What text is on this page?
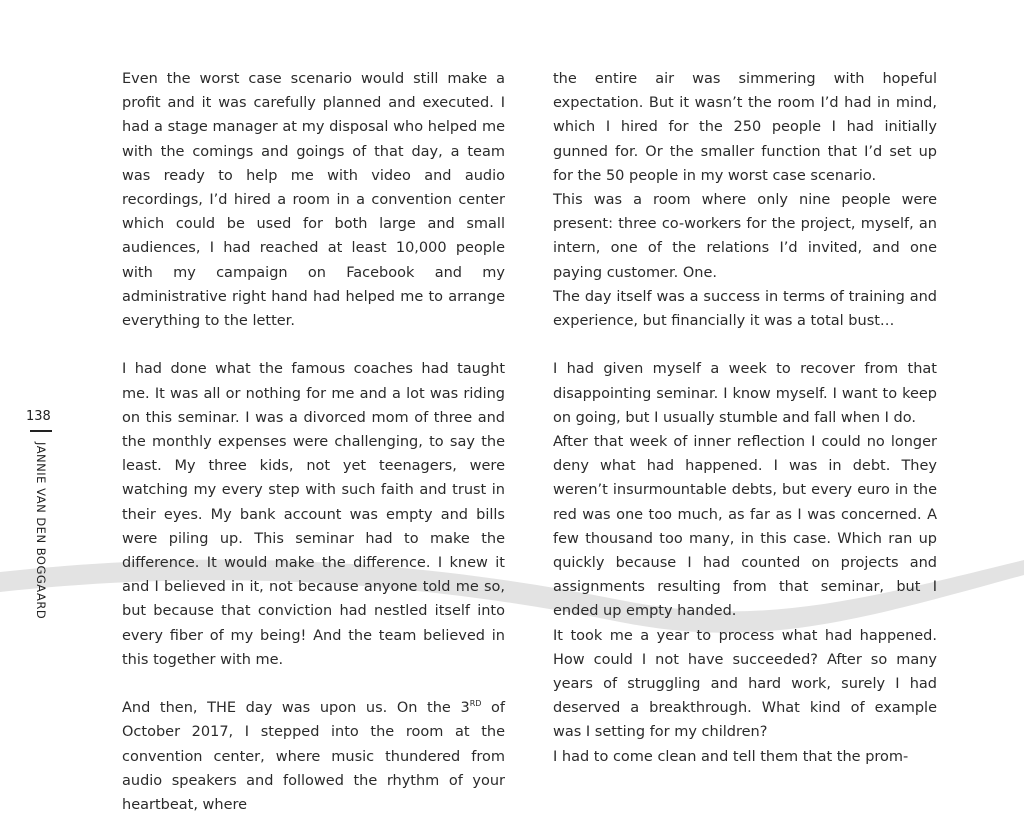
138
JANNIE VAN DEN BOGGAARD

Even the worst case scenario would still make a profit and it was carefully planned and executed. I had a stage manager at my disposal who helped me with the comings and goings of that day, a team was ready to help me with video and audio recordings, I’d hired a room in a convention center which could be used for both large and small audiences, I had reached at least 10,000 people with my campaign on Facebook and my administrative right hand had helped me to arrange everything to the letter.

I had done what the famous coaches had taught me. It was all or nothing for me and a lot was riding on this seminar. I was a divorced mom of three and the monthly expenses were challenging, to say the least. My three kids, not yet teenagers, were watching my every step with such faith and trust in their eyes. My bank account was empty and bills were piling up. This seminar had to make the difference. It would make the difference. I knew it and I believed in it, not because anyone told me so, but because that conviction had nestled itself into every fiber of my being! And the team believed in this together with me.

And then, THE day was upon us. On the 3RD of October 2017, I stepped into the room at the convention center, where music thundered from audio speakers and followed the rhythm of your heartbeat, where

the entire air was simmering with hopeful expectation. But it wasn’t the room I’d had in mind, which I hired for the 250 people I had initially gunned for. Or the smaller function that I’d set up for the 50 people in my worst case scenario.

This was a room where only nine people were present: three co-workers for the project, myself, an intern, one of the relations I’d invited, and one paying customer. One.

The day itself was a success in terms of training and experience, but financially it was a total bust…

I had given myself a week to recover from that disappointing seminar. I know myself. I want to keep on going, but I usually stumble and fall when I do.

After that week of inner reflection I could no longer deny what had happened. I was in debt. They weren’t insurmountable debts, but every euro in the red was one too much, as far as I was concerned. A few thousand too many, in this case. Which ran up quickly because I had counted on projects and assignments resulting from that seminar, but I ended up empty handed.

It took me a year to process what had happened. How could I not have succeeded? After so many years of struggling and hard work, surely I had deserved a breakthrough. What kind of example was I setting for my children?

I had to come clean and tell them that the prom-
